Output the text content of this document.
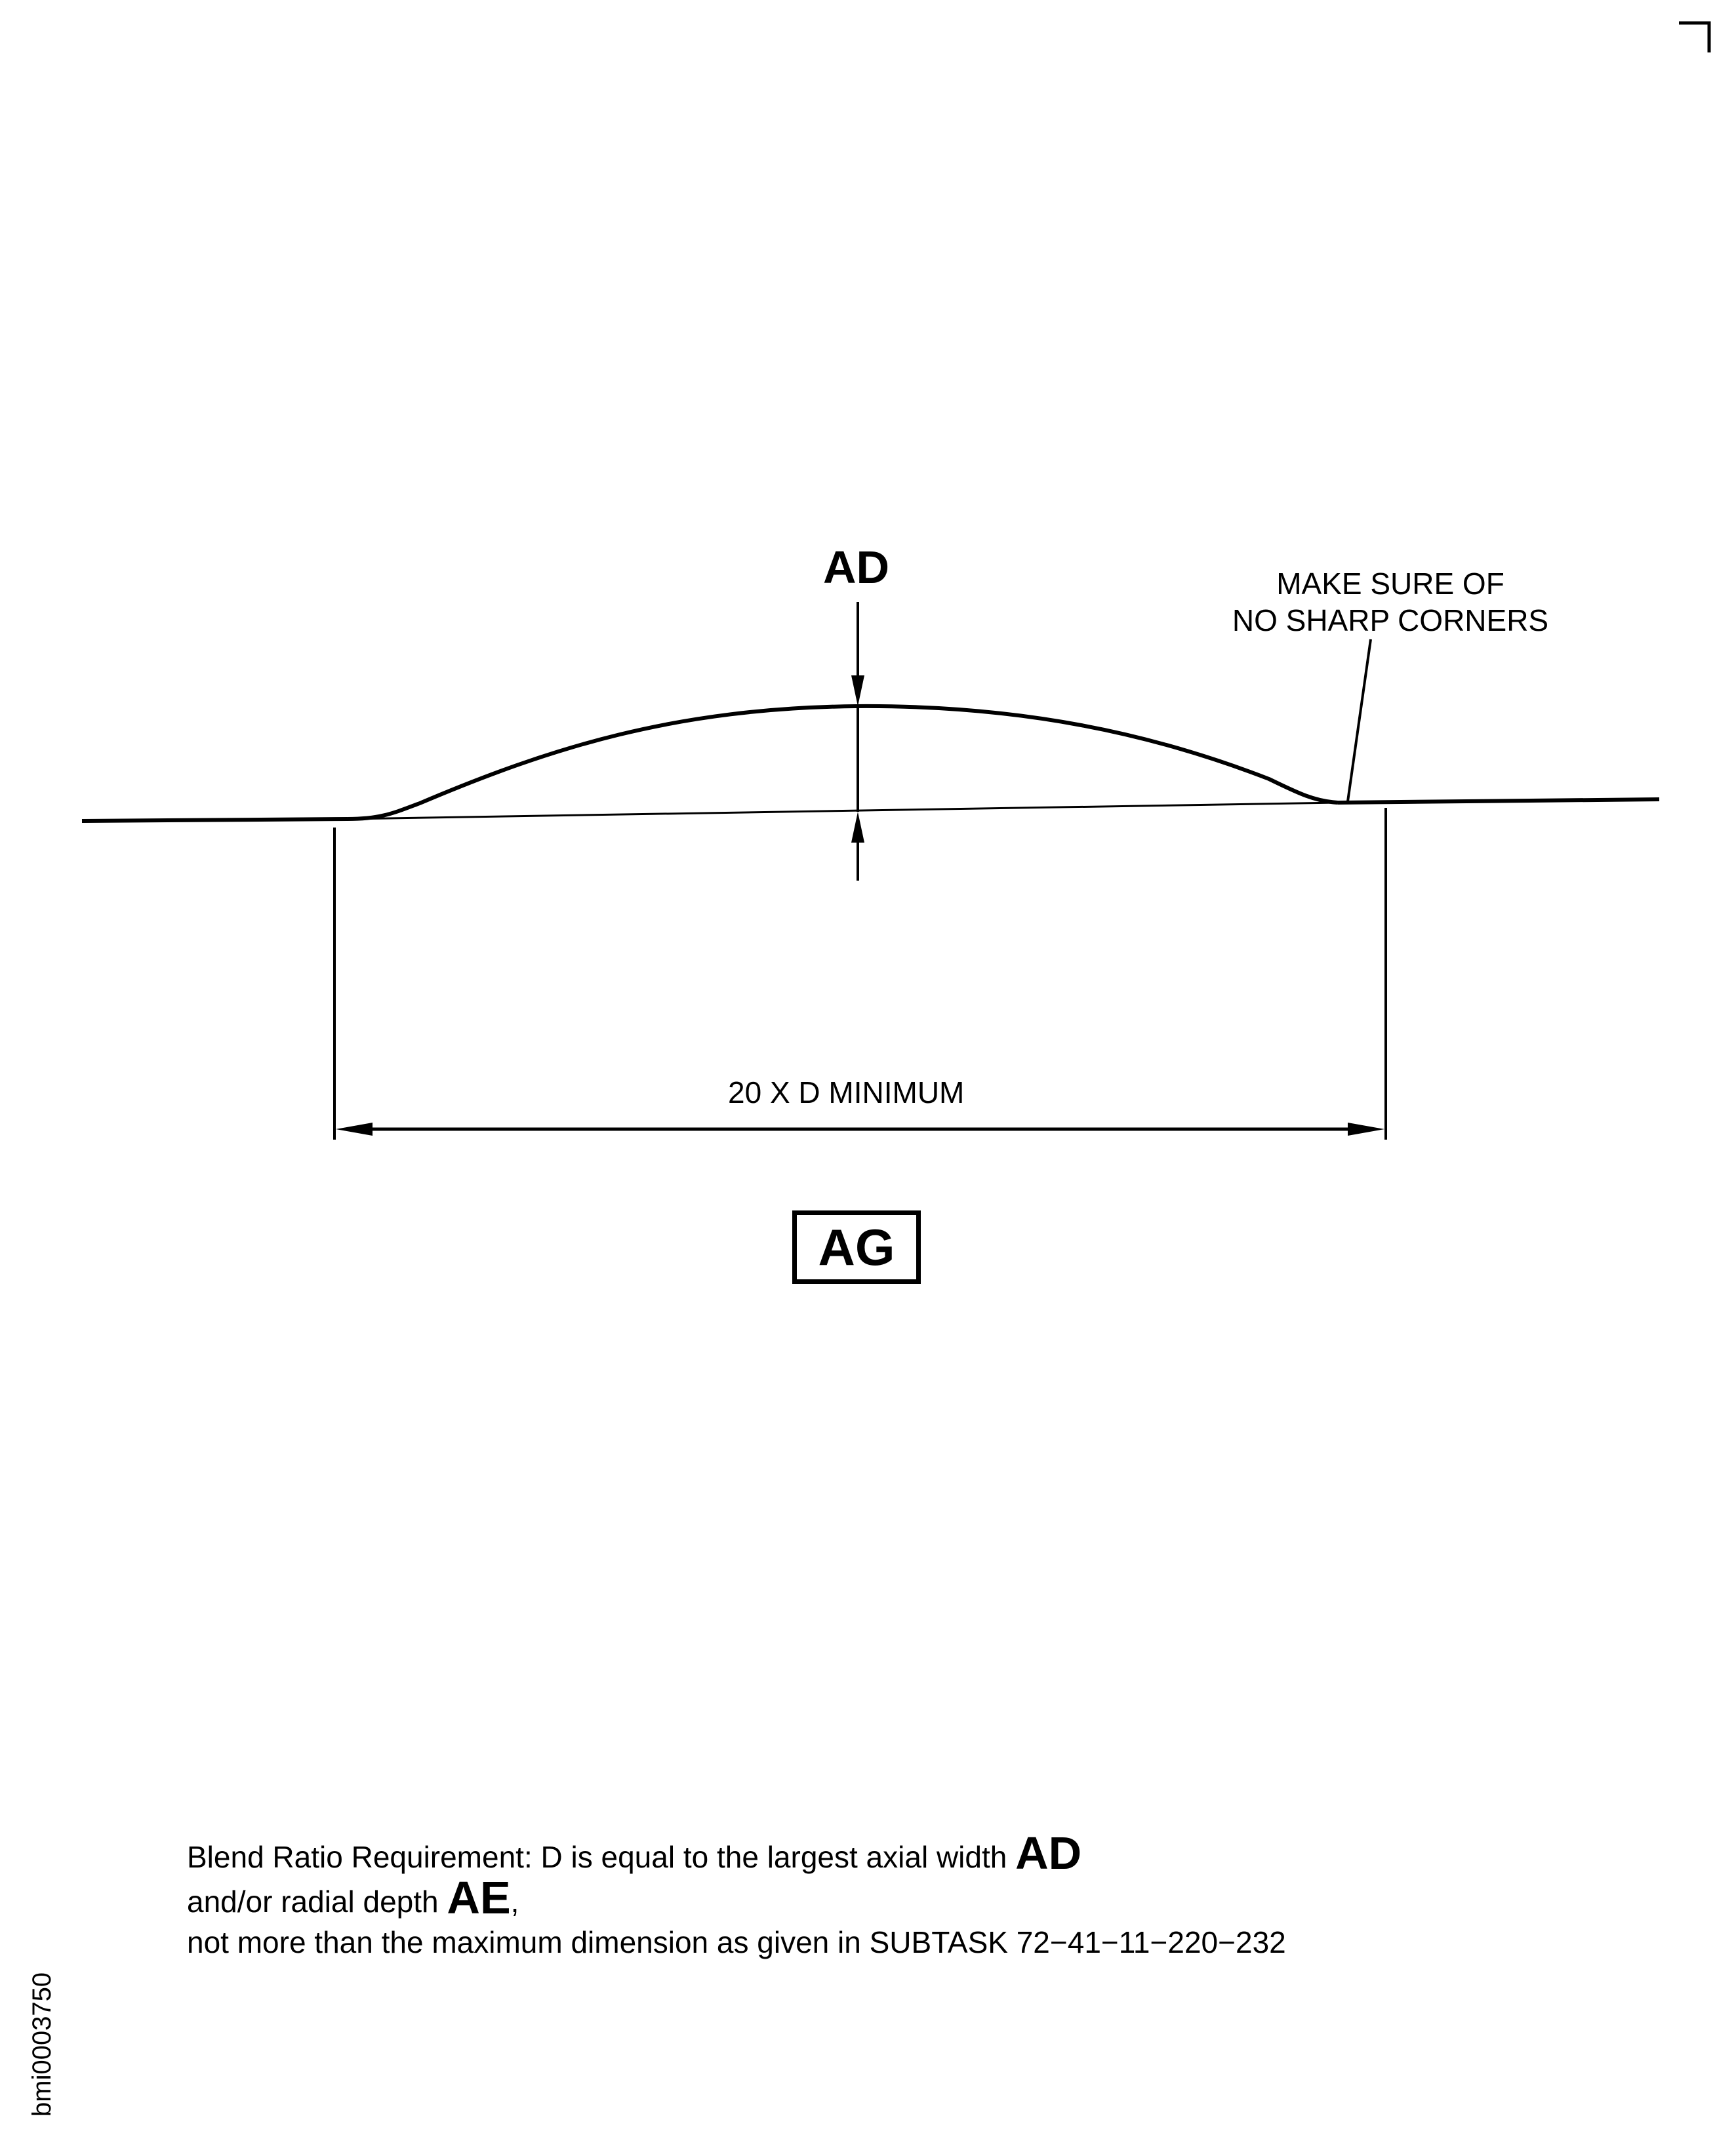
AD	MAKE SURE OF
NO SHARP CORNERS
20 X D MINIMUM
AG
Blend Ratio Requirement: D is equal to the largest axial width AD
and/or radial depth AE,
not more than the maximum dimension as given in SUBTASK 72−41−11−220−232
bmi0003750
